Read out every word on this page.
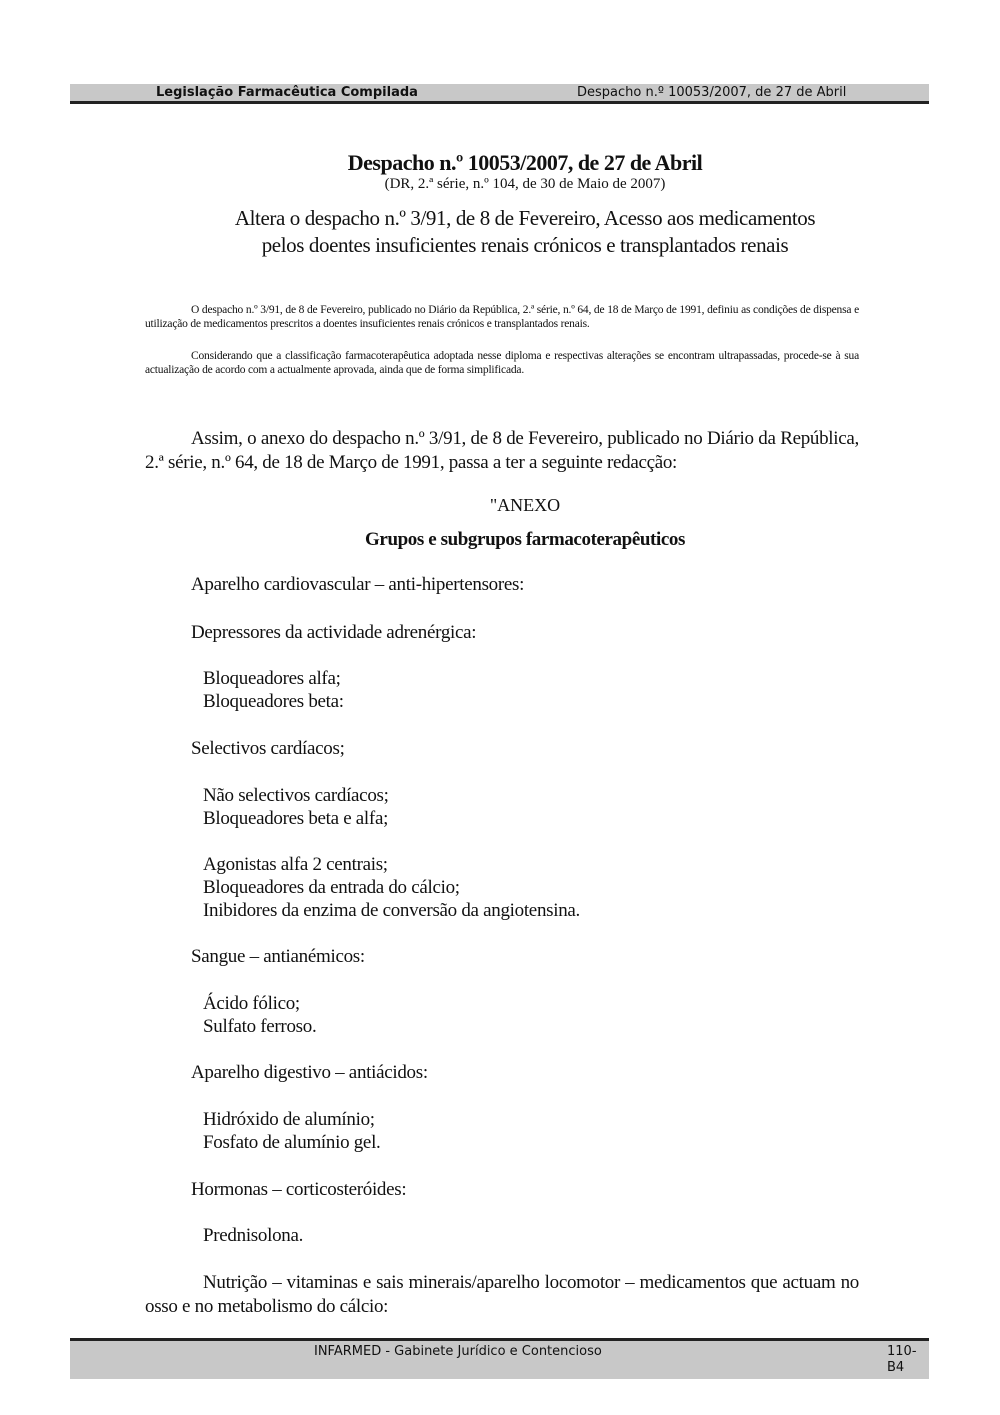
Legislação Farmacêutica Compilada	Despacho n.º 10053/2007, de 27 de Abril
Despacho n.º 10053/2007, de 27 de Abril
(DR, 2.ª série, n.º 104, de 30 de Maio de 2007)
Altera o despacho n.º 3/91, de 8 de Fevereiro, Acesso aos medicamentos
pelos doentes insuficientes renais crónicos e transplantados renais
O despacho n.º 3/91, de 8 de Fevereiro, publicado no Diário da República, 2.ª série, n.º 64, de 18 de Março de 1991, definiu as condições de dispensa e utilização de medicamentos prescritos a doentes insuficientes renais crónicos e transplantados renais.
Considerando que a classificação farmacoterapêutica adoptada nesse diploma e respectivas alterações se encontram ultrapassadas, procede-se à sua actualização de acordo com a actualmente aprovada, ainda que de forma simplificada.
Assim, o anexo do despacho n.º 3/91, de 8 de Fevereiro, publicado no Diário da República, 2.ª série, n.º 64, de 18 de Março de 1991, passa a ter a seguinte redacção:
"ANEXO
Grupos e subgrupos farmacoterapêuticos
Aparelho cardiovascular – anti-hipertensores:
Depressores da actividade adrenérgica:
Bloqueadores alfa;
Bloqueadores beta:
Selectivos cardíacos;
Não selectivos cardíacos;
Bloqueadores beta e alfa;
Agonistas alfa 2 centrais;
Bloqueadores da entrada do cálcio;
Inibidores da enzima de conversão da angiotensina.
Sangue – antianémicos:
Ácido fólico;
Sulfato ferroso.
Aparelho digestivo – antiácidos:
Hidróxido de alumínio;
Fosfato de alumínio gel.
Hormonas – corticosteróides:
Prednisolona.
Nutrição – vitaminas e sais minerais/aparelho locomotor – medicamentos que actuam no osso e no metabolismo do cálcio:
INFARMED - Gabinete Jurídico e Contencioso	110-B4
